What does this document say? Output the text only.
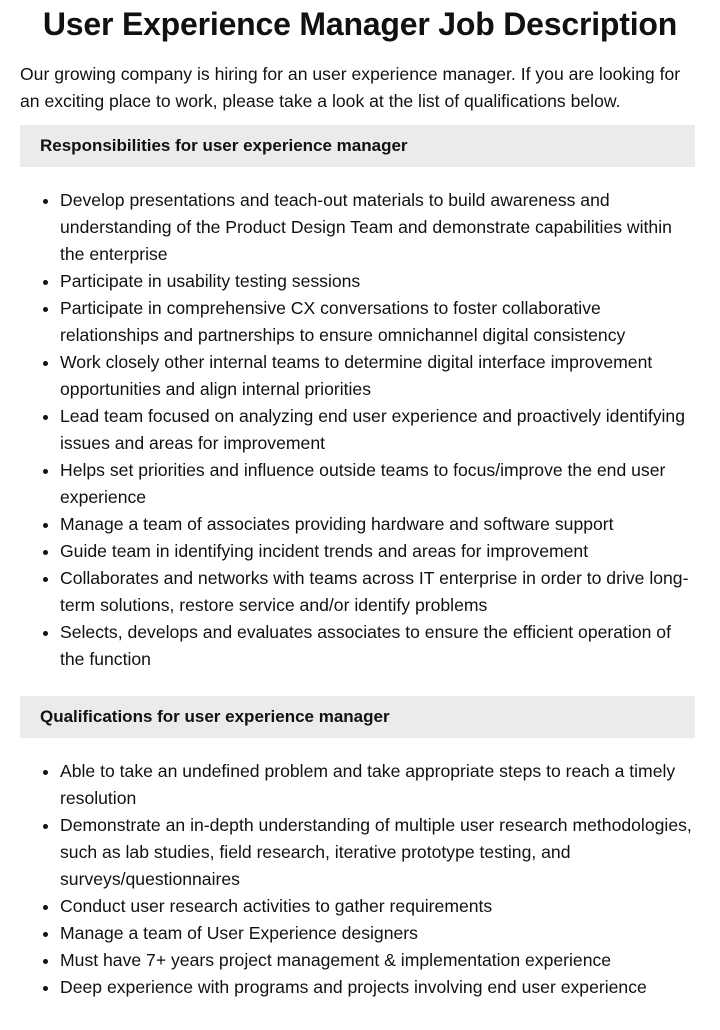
User Experience Manager Job Description

Our growing company is hiring for an user experience manager. If you are looking for an exciting place to work, please take a look at the list of qualifications below.

Responsibilities for user experience manager
• Develop presentations and teach-out materials to build awareness and understanding of the Product Design Team and demonstrate capabilities within the enterprise
• Participate in usability testing sessions
• Participate in comprehensive CX conversations to foster collaborative relationships and partnerships to ensure omnichannel digital consistency
• Work closely other internal teams to determine digital interface improvement opportunities and align internal priorities
• Lead team focused on analyzing end user experience and proactively identifying issues and areas for improvement
• Helps set priorities and influence outside teams to focus/improve the end user experience
• Manage a team of associates providing hardware and software support
• Guide team in identifying incident trends and areas for improvement
• Collaborates and networks with teams across IT enterprise in order to drive long-term solutions, restore service and/or identify problems
• Selects, develops and evaluates associates to ensure the efficient operation of the function
Qualifications for user experience manager
• Able to take an undefined problem and take appropriate steps to reach a timely resolution
• Demonstrate an in-depth understanding of multiple user research methodologies, such as lab studies, field research, iterative prototype testing, and surveys/questionnaires
• Conduct user research activities to gather requirements
• Manage a team of User Experience designers
• Must have 7+ years project management & implementation experience
• Deep experience with programs and projects involving end user experience
